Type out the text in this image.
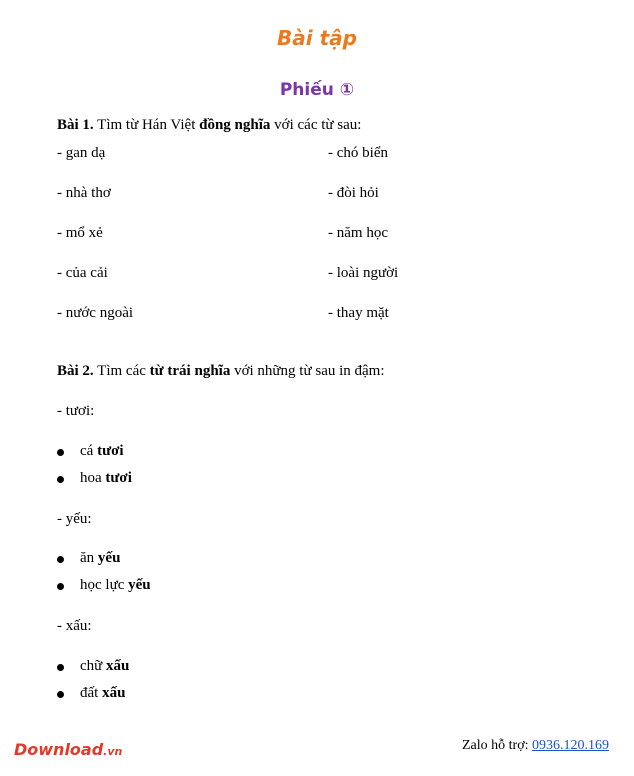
Bài tập
Phiếu ①
Bài 1. Tìm từ Hán Việt đồng nghĩa với các từ sau:
- gan dạ
- nhà thơ
- mổ xẻ
- của cải
- nước ngoài
- chó biển
- đòi hỏi
- năm học
- loài người
- thay mặt
Bài 2. Tìm các từ trái nghĩa với những từ sau in đậm:
- tươi:
cá tươi
hoa tươi
- yếu:
ăn yếu
học lực yếu
- xấu:
chữ xấu
đất xấu
Download.vn	Zalo hỗ trợ: 0936.120.169
